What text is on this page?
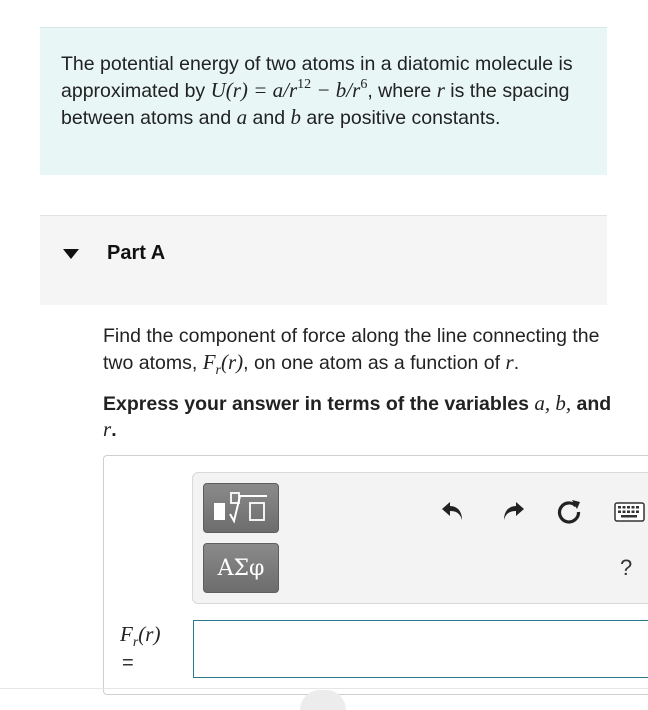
The potential energy of two atoms in a diatomic molecule is approximated by $U(r) = a/r^{12} - b/r^6$, where r is the spacing between atoms and a and b are positive constants.
Part A
Find the component of force along the line connecting the two atoms, $F_r(r)$, on one atom as a function of r.
Express your answer in terms of the variables a, b, and r.
ΑΣφ	?
$F_r(r)$
=
